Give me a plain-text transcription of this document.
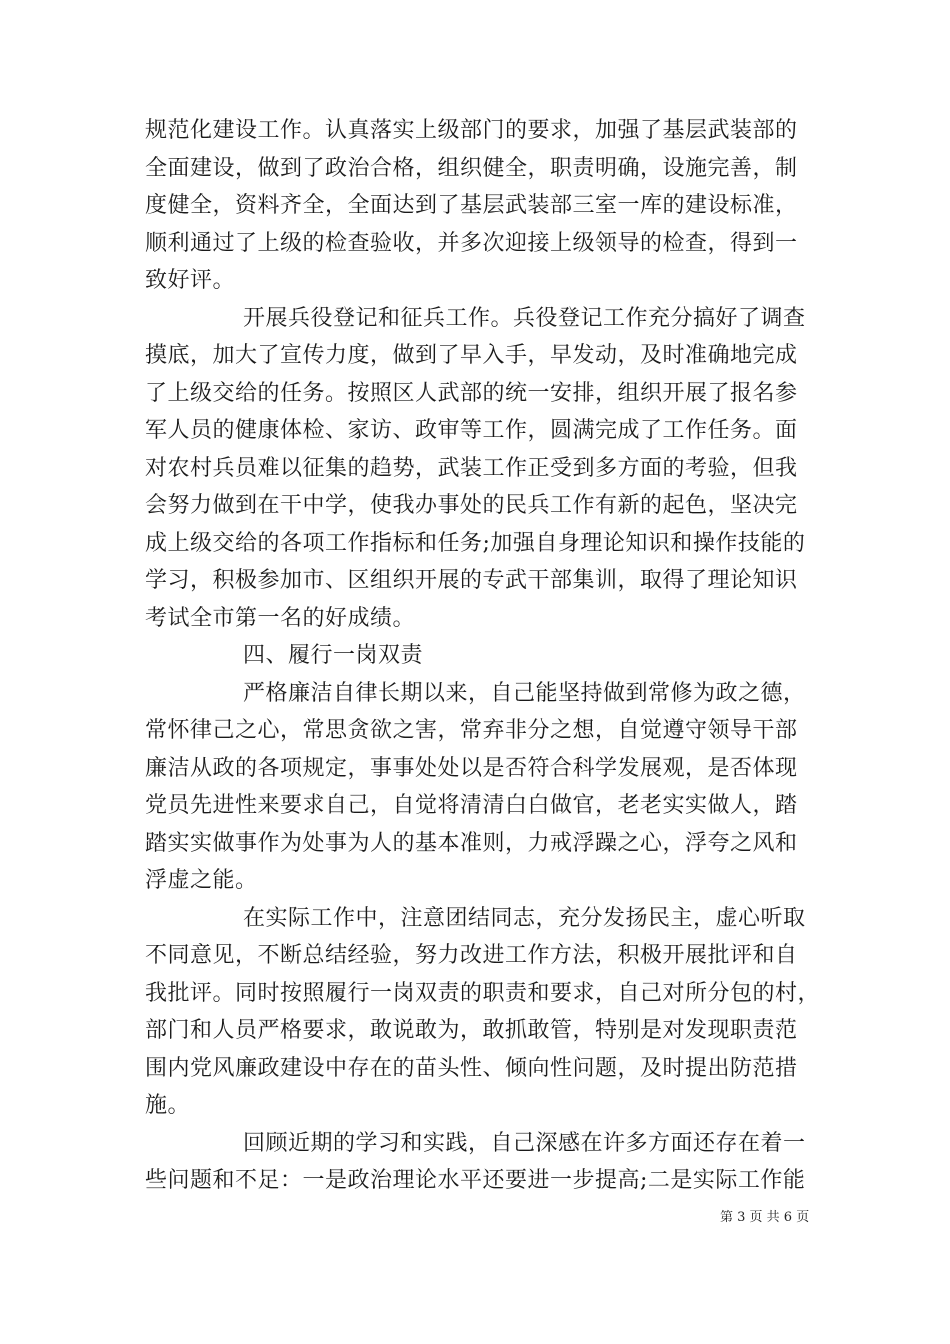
规范化建设工作。认真落实上级部门的要求，加强了基层武装部的
全面建设，做到了政治合格，组织健全，职责明确，设施完善，制
度健全，资料齐全，全面达到了基层武装部三室一库的建设标准，
顺利通过了上级的检查验收，并多次迎接上级领导的检查，得到一
致好评。
开展兵役登记和征兵工作。兵役登记工作充分搞好了调查
摸底，加大了宣传力度，做到了早入手，早发动，及时准确地完成
了上级交给的任务。按照区人武部的统一安排，组织开展了报名参
军人员的健康体检、家访、政审等工作，圆满完成了工作任务。面
对农村兵员难以征集的趋势，武装工作正受到多方面的考验，但我
会努力做到在干中学，使我办事处的民兵工作有新的起色，坚决完
成上级交给的各项工作指标和任务;加强自身理论知识和操作技能的
学习，积极参加市、区组织开展的专武干部集训，取得了理论知识
考试全市第一名的好成绩。
四、履行一岗双责
严格廉洁自律长期以来，自己能坚持做到常修为政之德，
常怀律己之心，常思贪欲之害，常弃非分之想，自觉遵守领导干部
廉洁从政的各项规定，事事处处以是否符合科学发展观，是否体现
党员先进性来要求自己，自觉将清清白白做官，老老实实做人，踏
踏实实做事作为处事为人的基本准则，力戒浮躁之心，浮夸之风和
浮虚之能。
在实际工作中，注意团结同志，充分发扬民主，虚心听取
不同意见，不断总结经验，努力改进工作方法，积极开展批评和自
我批评。同时按照履行一岗双责的职责和要求，自己对所分包的村，
部门和人员严格要求，敢说敢为，敢抓敢管，特别是对发现职责范
围内党风廉政建设中存在的苗头性、倾向性问题，及时提出防范措
施。
回顾近期的学习和实践，自己深感在许多方面还存在着一
些问题和不足：一是政治理论水平还要进一步提高;二是实际工作能
第 3 页 共 6 页
